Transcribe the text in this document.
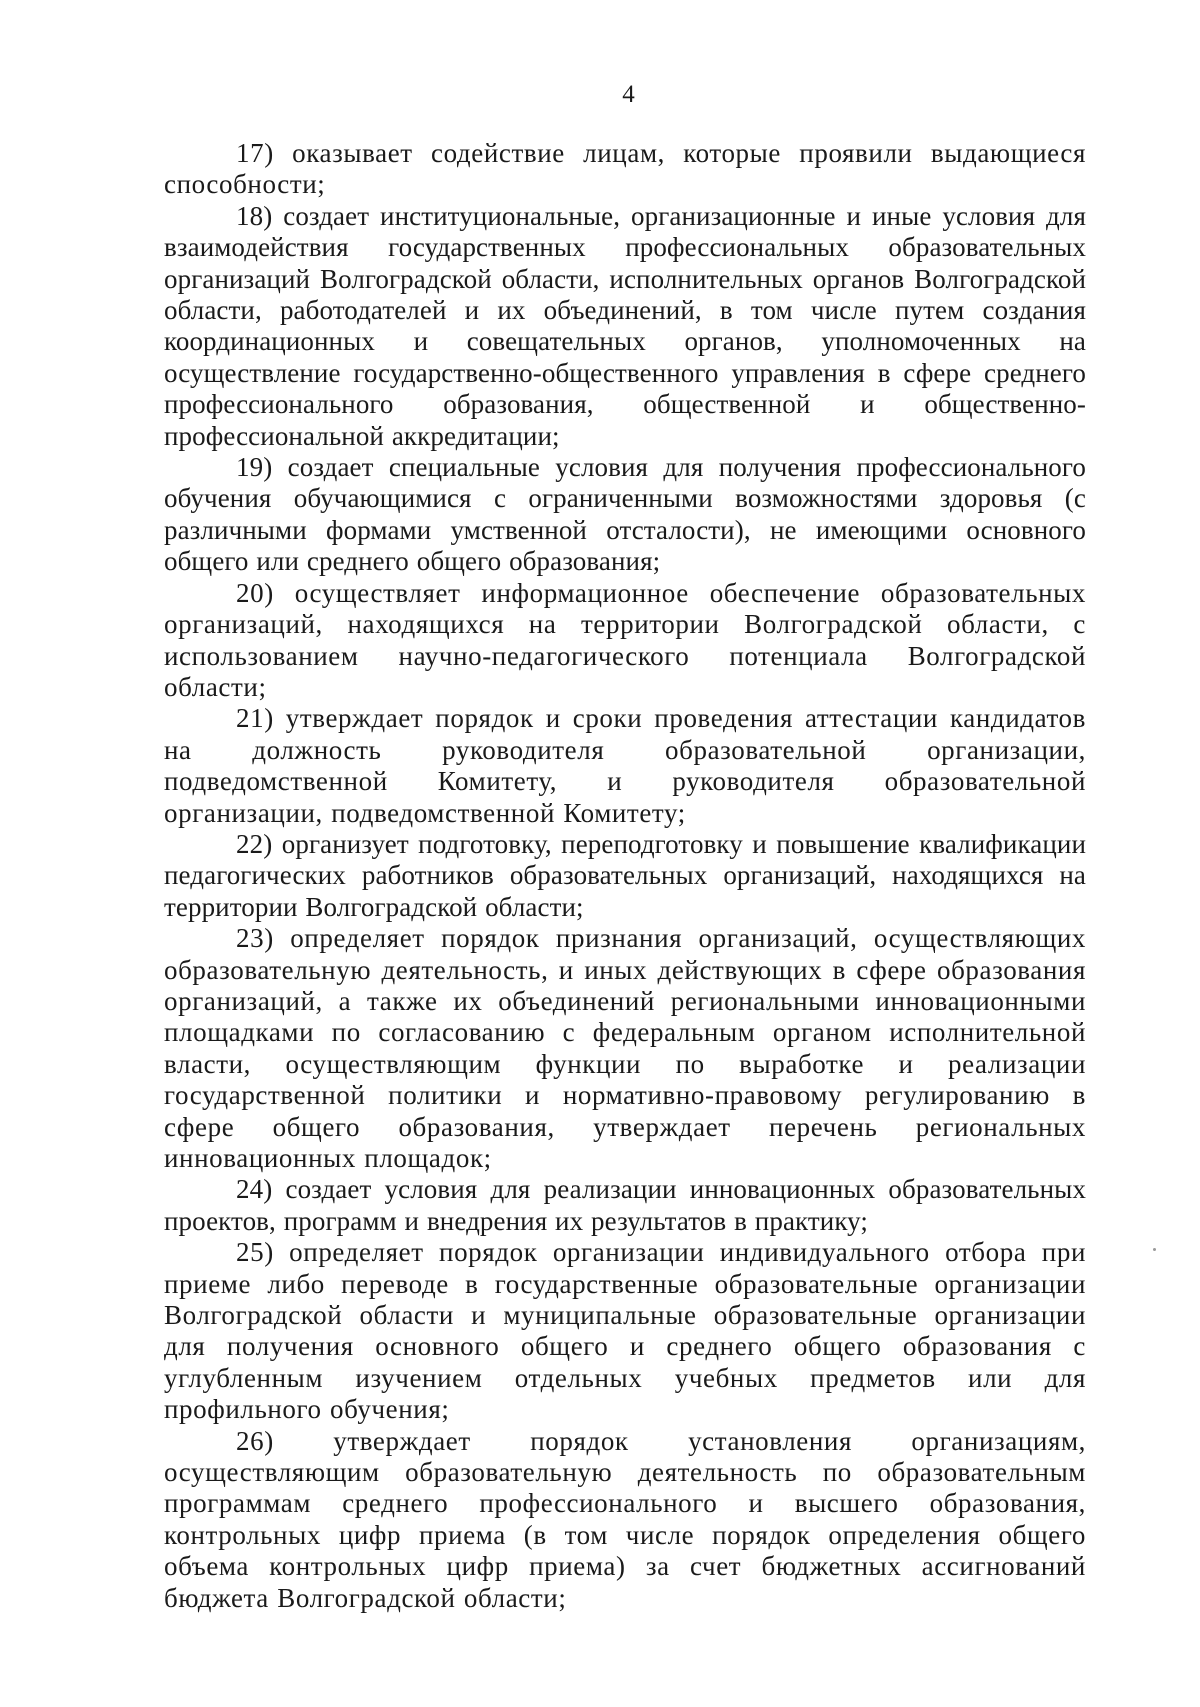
4

17) оказывает содействие лицам, которые проявили выдающиеся способности;

18) создает институциональные, организационные и иные условия для взаимодействия государственных профессиональных образовательных организаций Волгоградской области, исполнительных органов Волгоградской области, работодателей и их объединений, в том числе путем создания координационных и совещательных органов, уполномоченных на осуществление государственно-общественного управления в сфере среднего профессионального образования, общественной и общественно-профессиональной аккредитации;

19) создает специальные условия для получения профессионального обучения обучающимися с ограниченными возможностями здоровья (с различными формами умственной отсталости), не имеющими основного общего или среднего общего образования;

20) осуществляет информационное обеспечение образовательных организаций, находящихся на территории Волгоградской области, с использованием научно-педагогического потенциала Волгоградской области;

21) утверждает порядок и сроки проведения аттестации кандидатов на должность руководителя образовательной организации, подведомственной Комитету, и руководителя образовательной организации, подведомственной Комитету;

22) организует подготовку, переподготовку и повышение квалификации педагогических работников образовательных организаций, находящихся на территории Волгоградской области;

23) определяет порядок признания организаций, осуществляющих образовательную деятельность, и иных действующих в сфере образования организаций, а также их объединений региональными инновационными площадками по согласованию с федеральным органом исполнительной власти, осуществляющим функции по выработке и реализации государственной политики и нормативно-правовому регулированию в сфере общего образования, утверждает перечень региональных инновационных площадок;

24) создает условия для реализации инновационных образовательных проектов, программ и внедрения их результатов в практику;

25) определяет порядок организации индивидуального отбора при приеме либо переводе в государственные образовательные организации Волгоградской области и муниципальные образовательные организации для получения основного общего и среднего общего образования с углубленным изучением отдельных учебных предметов или для профильного обучения;

26) утверждает порядок установления организациям, осуществляющим образовательную деятельность по образовательным программам среднего профессионального и высшего образования, контрольных цифр приема (в том числе порядок определения общего объема контрольных цифр приема) за счет бюджетных ассигнований бюджета Волгоградской области;
